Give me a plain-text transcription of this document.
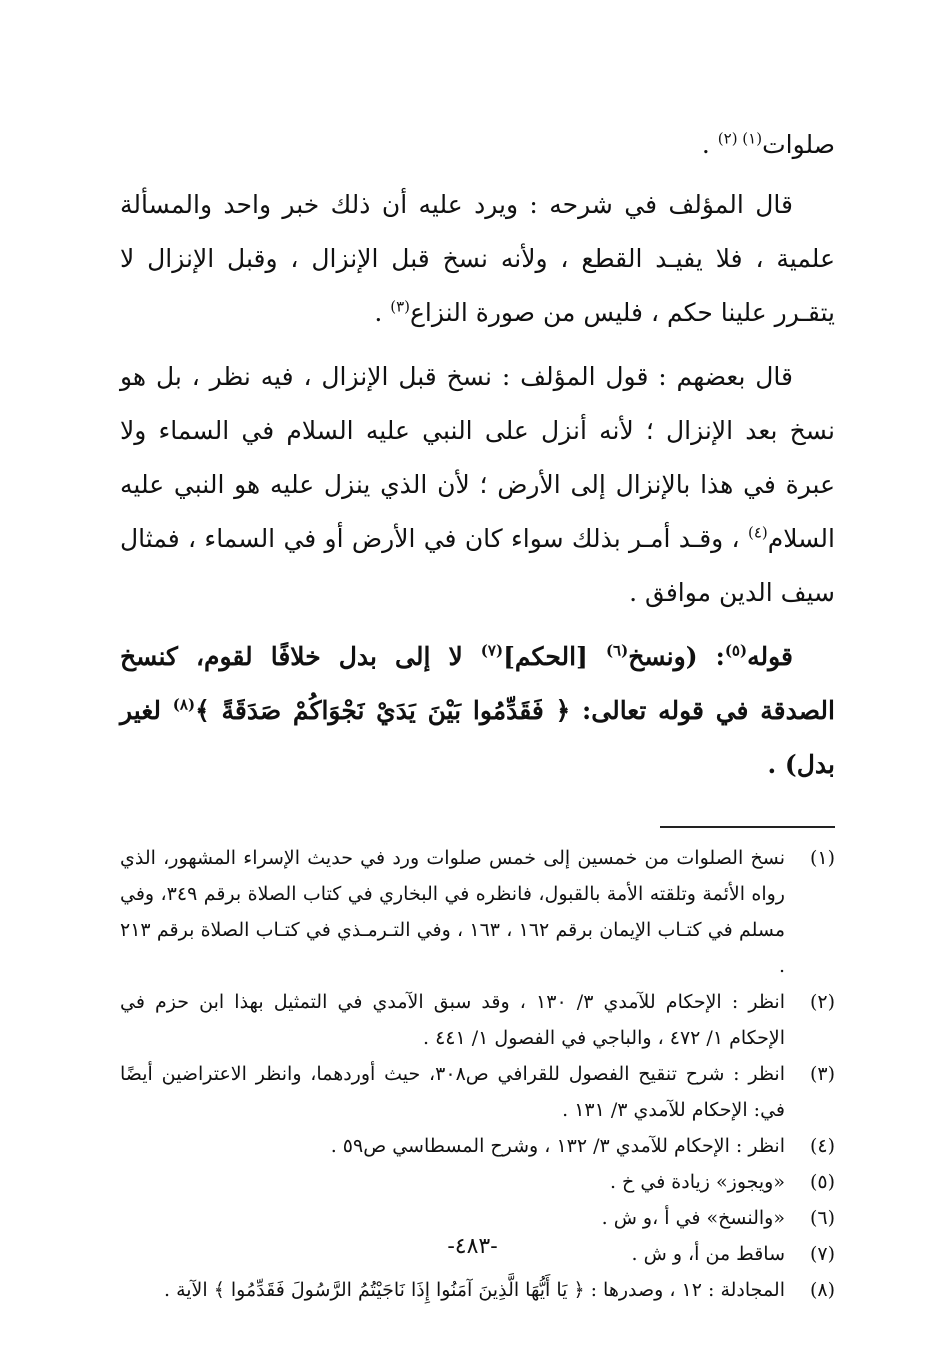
صلوات$^{(١) (٢)}$ .

قال المؤلف في شرحه : ويرد عليه أن ذلك خبر واحد والمسألة علمية ، فلا يفيـد القطع ، ولأنه نسخ قبل الإنزال ، وقبل الإنزال لا يتقـرر علينا حكم ، فليس من صورة النزاع$^{(٣)}$ .

قال بعضهم : قول المؤلف : نسخ قبل الإنزال ، فيه نظر ، بل هو نسخ بعد الإنزال ؛ لأنه أنزل على النبي عليه السلام في السماء ولا عبرة في هذا بالإنزال إلى الأرض ؛ لأن الذي ينزل عليه هو النبي عليه السلام$^{(٤)}$ ، وقـد أمـر بذلك سواء كان في الأرض أو في السماء ، فمثال سيف الدين موافق .

قوله$^{(٥)}$: (ونسخ$^{(٦)}$ [الحكم]$^{(٧)}$ لا إلى بدل خلافًا لقوم، كنسخ الصدقة في قوله تعالى: ﴿ فَقَدِّمُوا بَيْنَ يَدَيْ نَجْوَاكُمْ صَدَقَةً ﴾$^{(٨)}$ لغير بدل) .

(١)
نسخ الصلوات من خمسين إلى خمس صلوات ورد في حديث الإسراء المشهور، الذي رواه الأئمة وتلقته الأمة بالقبول، فانظره في البخاري في كتاب الصلاة برقم ٣٤٩، وفي مسلم في كتـاب الإيمان برقم ١٦٢ ، ١٦٣ ، وفي التـرمـذي في كتـاب الصلاة برقم ٢١٣ .
(٢)
انظر : الإحكام للآمدي ٣/ ١٣٠ ، وقد سبق الآمدي في التمثيل بهذا ابن حزم في الإحكام ١/ ٤٧٢ ، والباجي في الفصول ١/ ٤٤١ .
(٣)
انظر : شرح تنقيح الفصول للقرافي ص٣٠٨، حيث أوردهما، وانظر الاعتراضين أيضًا في: الإحكام للآمدي ٣/ ١٣١ .
(٤)
انظر : الإحكام للآمدي ٣/ ١٣٢ ، وشرح المسطاسي ص٥٩ .
(٥)
«ويجوز» زيادة في خ .
(٦)
«والنسخ» في أ ،و ش .
(٧)
ساقط من أ، و ش .
(٨)
المجادلة : ١٢ ، وصدرها : ﴿ يَا أَيُّهَا الَّذِينَ آمَنُوا إِذَا نَاجَيْتُمُ الرَّسُولَ فَقَدِّمُوا ﴾ الآية .
-٤٨٣-
